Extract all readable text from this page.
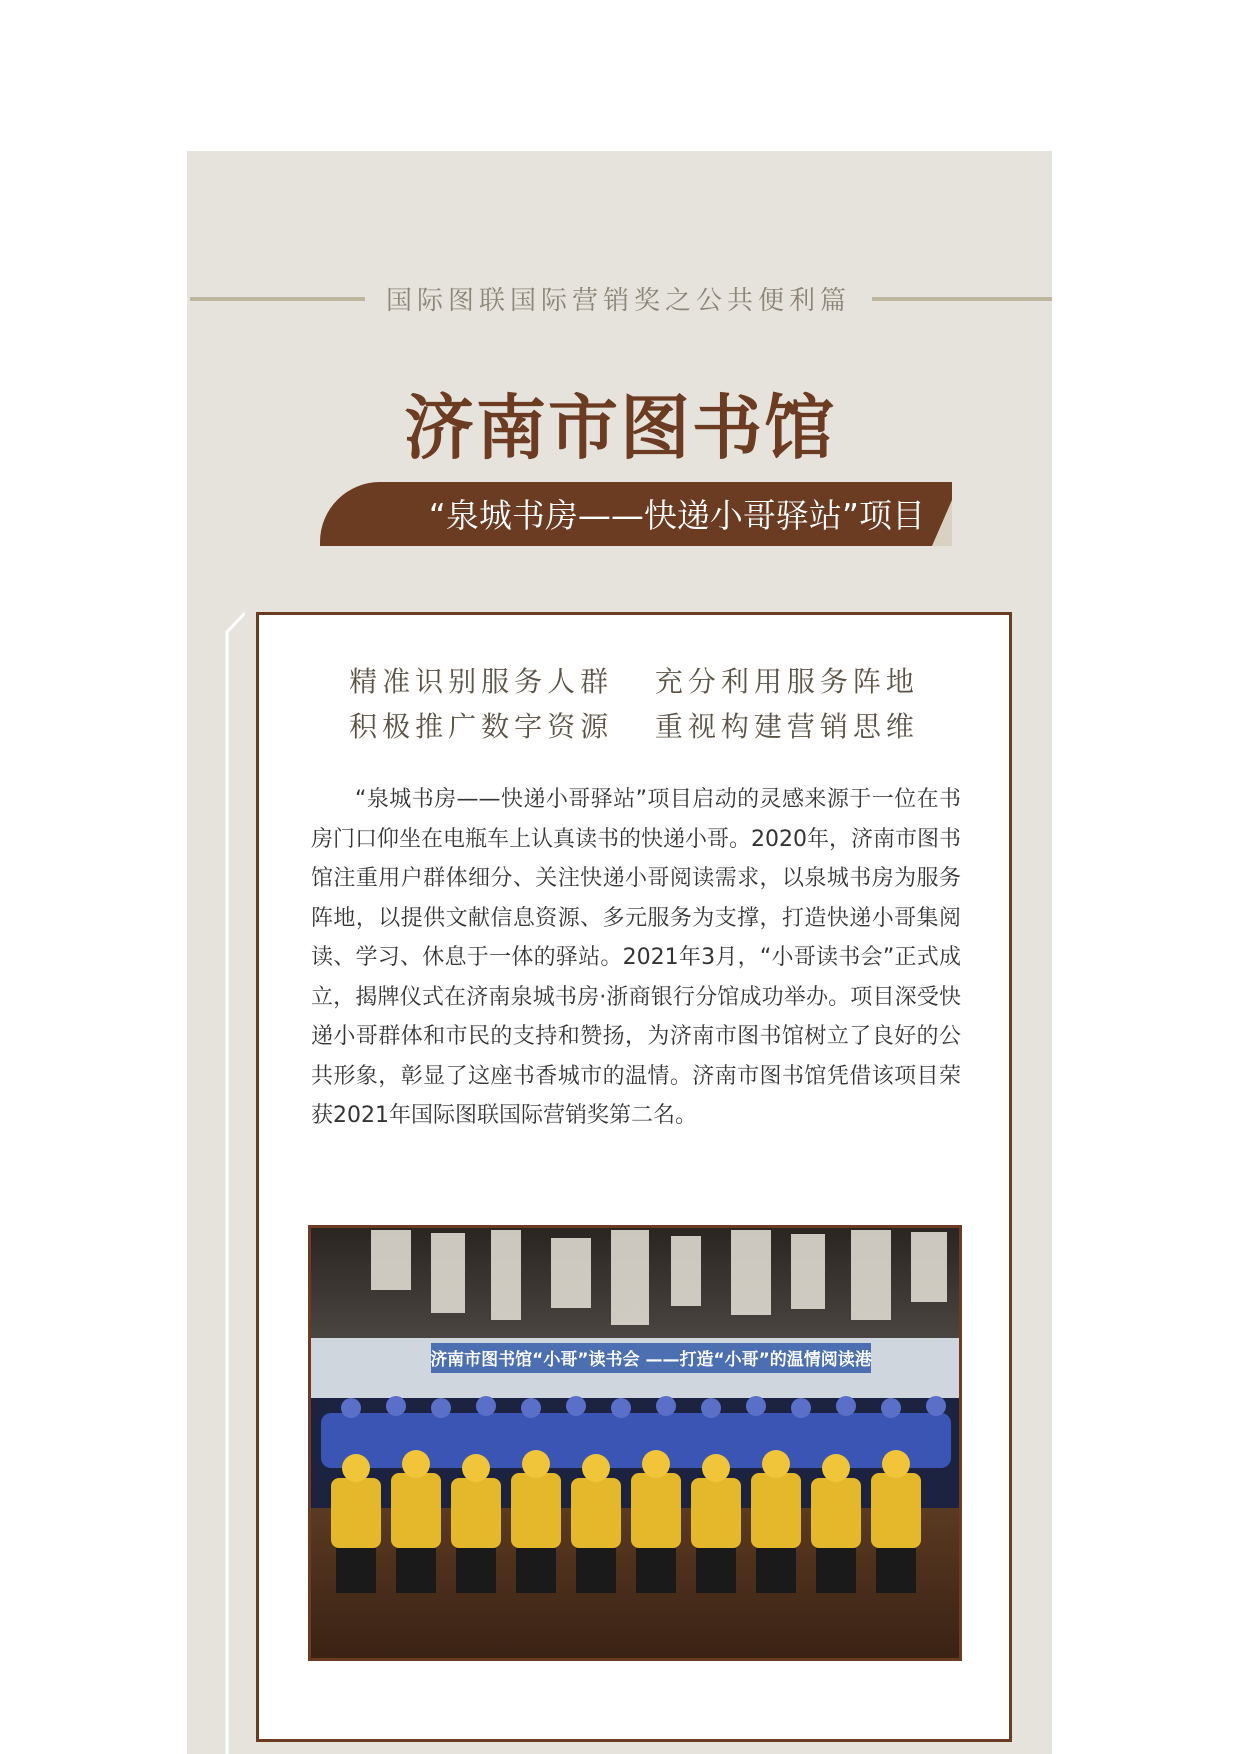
国际图联国际营销奖之公共便利篇
济南市图书馆
“泉城书房——快递小哥驿站”项目
精准识别服务人群   充分利用服务阵地
积极推广数字资源   重视构建营销思维

“泉城书房——快递小哥驿站”项目启动的灵感来源于一位在书房门口仰坐在电瓶车上认真读书的快递小哥。2020年，济南市图书馆注重用户群体细分、关注快递小哥阅读需求，以泉城书房为服务阵地，以提供文献信息资源、多元服务为支撑，打造快递小哥集阅读、学习、休息于一体的驿站。2021年3月，“小哥读书会”正式成立，揭牌仪式在济南泉城书房·浙商银行分馆成功举办。项目深受快递小哥群体和市民的支持和赞扬，为济南市图书馆树立了良好的公共形象，彰显了这座书香城市的温情。济南市图书馆凭借该项目荣获2021年国际图联国际营销奖第二名。

济南市图书馆“小哥”读书会 ——打造“小哥”的温情阅读港
